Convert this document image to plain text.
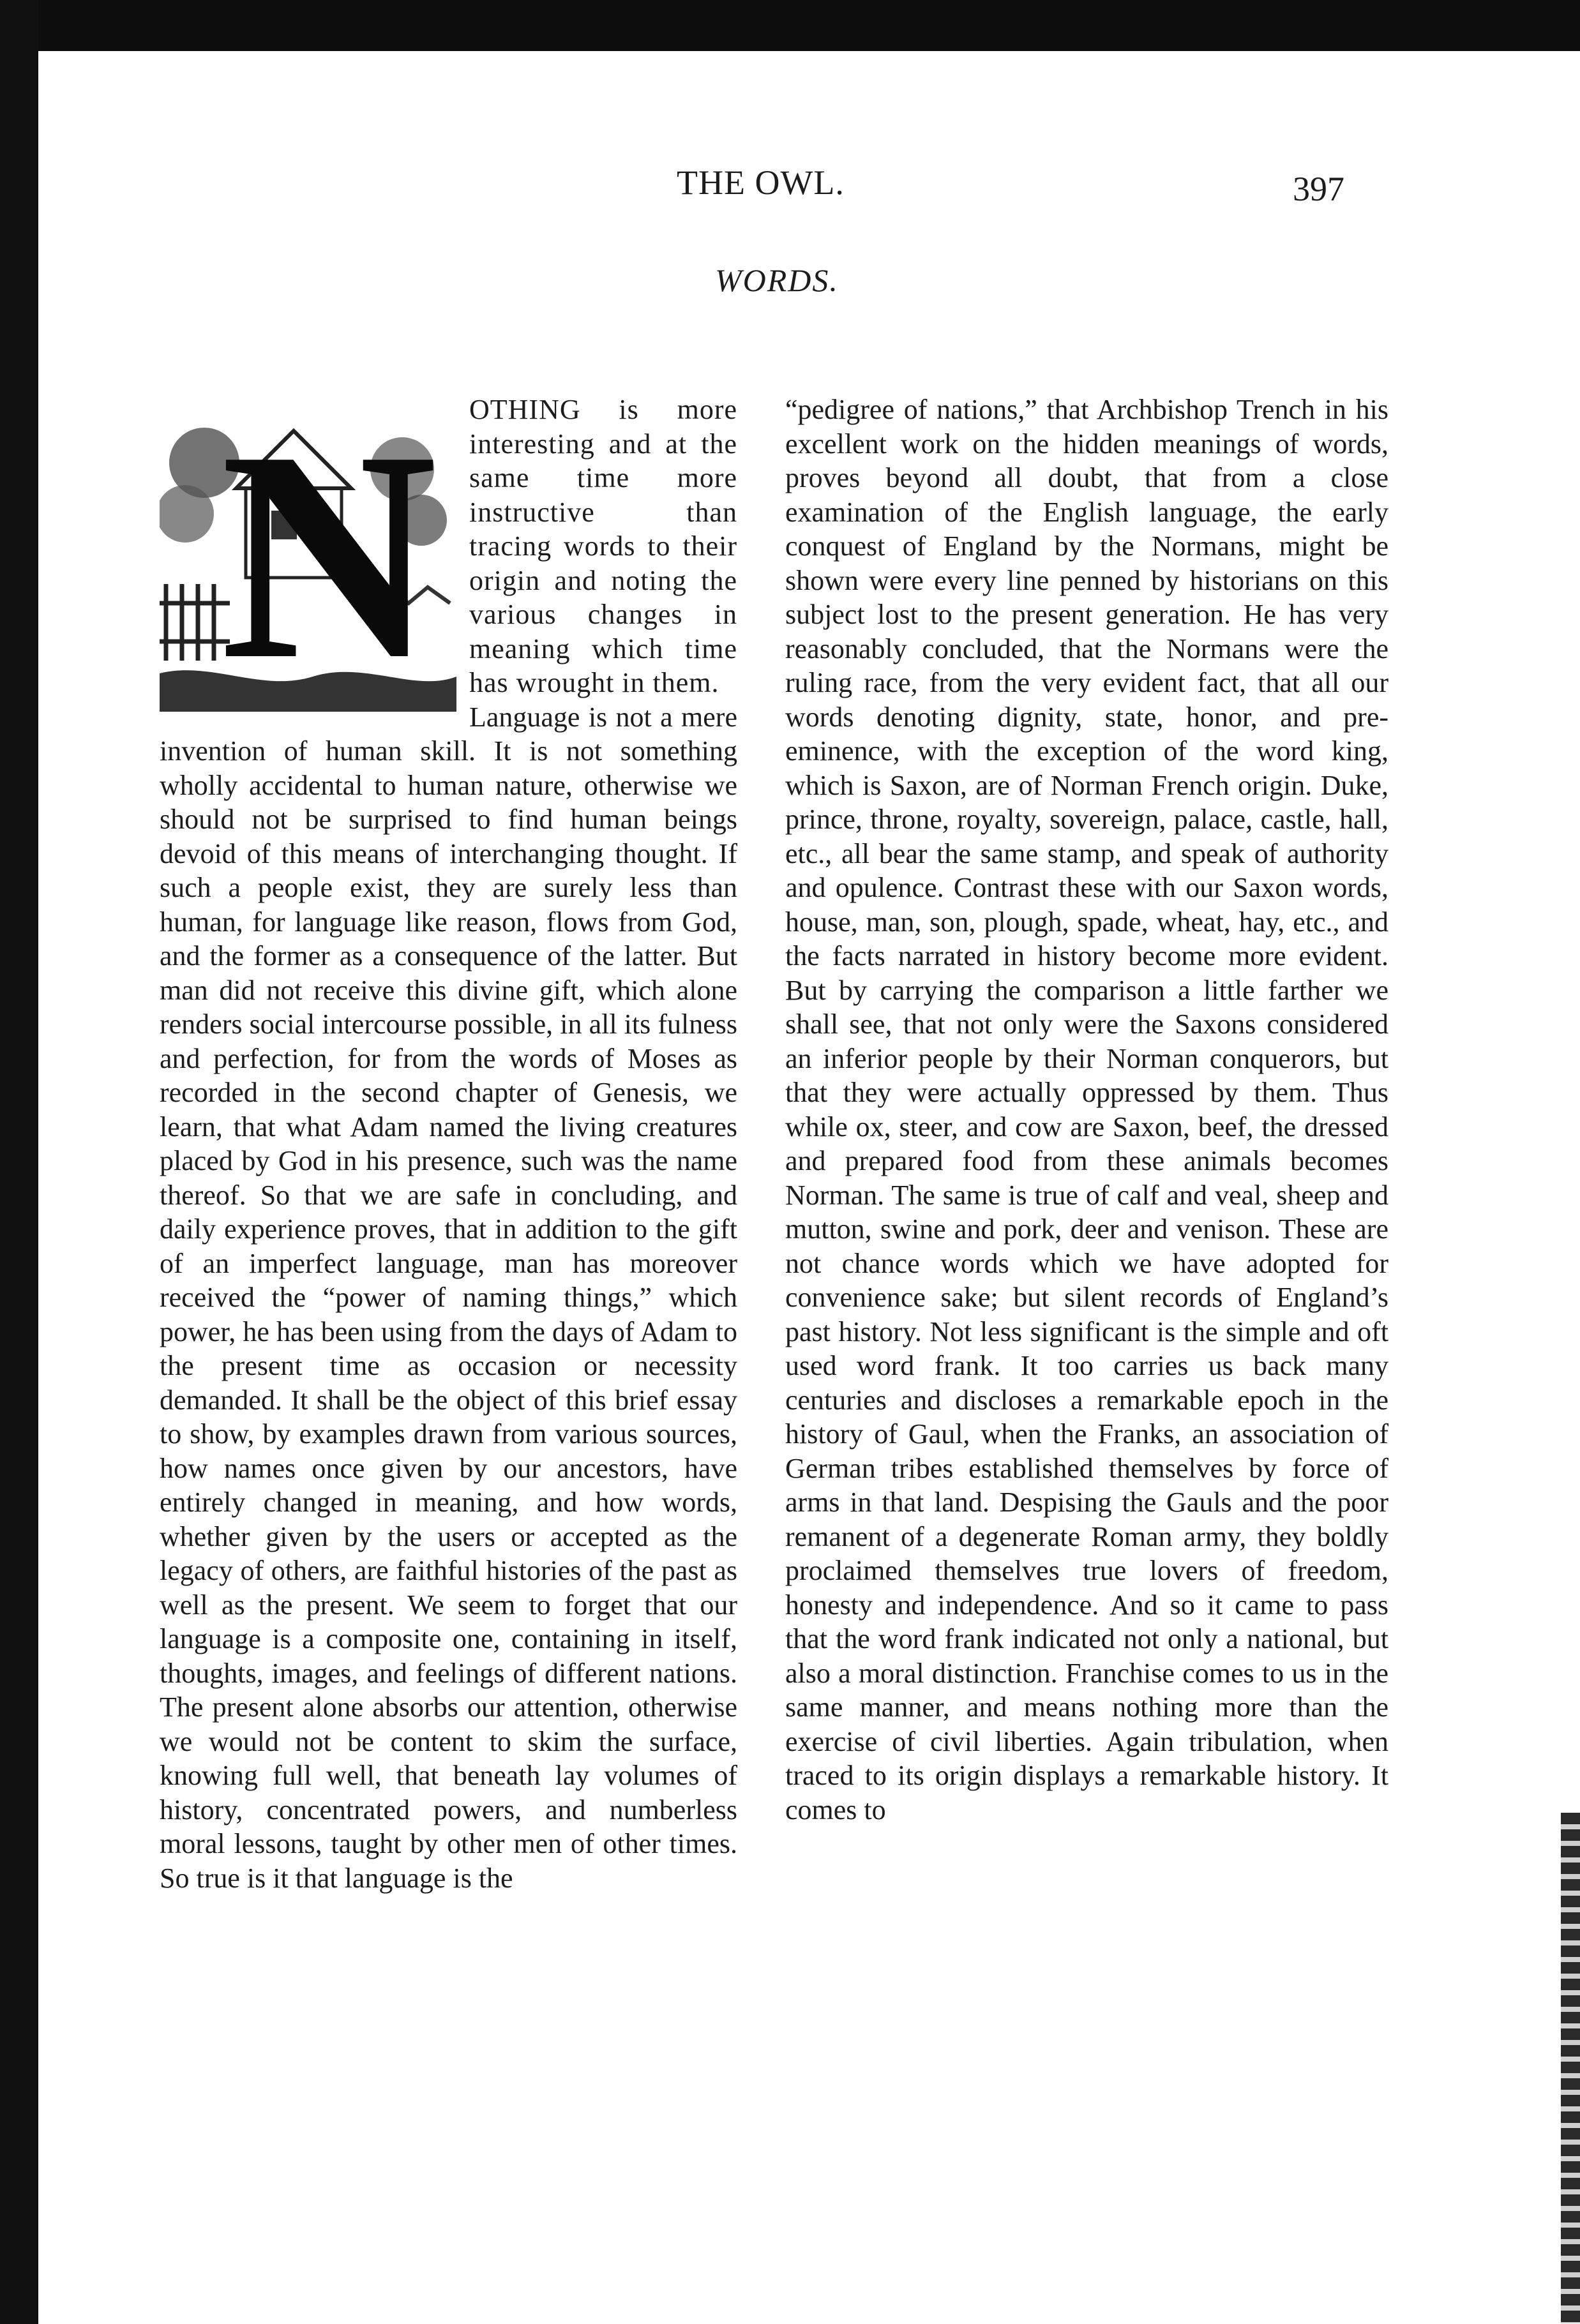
THE OWL.	397
WORDS.
N	OTHING is more interesting and at the same time more instructive than tracing words to their origin and noting the various changes in meaning which time has wrought in them.

Language is not a mere invention of human skill. It is not something wholly accidental to human nature, otherwise we should not be surprised to find human beings devoid of this means of interchanging thought. If such a people exist, they are surely less than human, for language like reason, flows from God, and the former as a consequence of the latter. But man did not receive this divine gift, which alone renders social intercourse possible, in all its fulness and perfection, for from the words of Moses as recorded in the second chapter of Genesis, we learn, that what Adam named the living creatures placed by God in his presence, such was the name thereof. So that we are safe in concluding, and daily experience proves, that in addition to the gift of an imperfect language, man has moreover received the “power of naming things,” which power, he has been using from the days of Adam to the present time as occasion or necessity demanded. It shall be the object of this brief essay to show, by examples drawn from various sources, how names once given by our ancestors, have entirely changed in meaning, and how words, whether given by the users or accepted as the legacy of others, are faithful histories of the past as well as the present. We seem to forget that our language is a composite one, containing in itself, thoughts, images, and feelings of different nations. The present alone absorbs our attention, otherwise we would not be content to skim the surface, knowing full well, that beneath lay volumes of history, concentrated powers, and numberless moral lessons, taught by other men of other times. So true is it that language is the

“pedigree of nations,” that Archbishop Trench in his excellent work on the hidden meanings of words, proves beyond all doubt, that from a close examination of the English language, the early conquest of England by the Normans, might be shown were every line penned by historians on this subject lost to the present generation. He has very reasonably concluded, that the Normans were the ruling race, from the very evident fact, that all our words denoting dignity, state, honor, and pre-eminence, with the exception of the word king, which is Saxon, are of Norman French origin. Duke, prince, throne, royalty, sovereign, palace, castle, hall, etc., all bear the same stamp, and speak of authority and opulence. Contrast these with our Saxon words, house, man, son, plough, spade, wheat, hay, etc., and the facts narrated in history become more evident. But by carrying the comparison a little farther we shall see, that not only were the Saxons considered an inferior people by their Norman conquerors, but that they were actually oppressed by them. Thus while ox, steer, and cow are Saxon, beef, the dressed and prepared food from these animals becomes Norman. The same is true of calf and veal, sheep and mutton, swine and pork, deer and venison. These are not chance words which we have adopted for convenience sake; but silent records of England’s past history. Not less significant is the simple and oft used word frank. It too carries us back many centuries and discloses a remarkable epoch in the history of Gaul, when the Franks, an association of German tribes established themselves by force of arms in that land. Despising the Gauls and the poor remanent of a degenerate Roman army, they boldly proclaimed themselves true lovers of freedom, honesty and independence. And so it came to pass that the word frank indicated not only a national, but also a moral distinction. Franchise comes to us in the same manner, and means nothing more than the exercise of civil liberties. Again tribulation, when traced to its origin displays a remarkable history. It comes to
